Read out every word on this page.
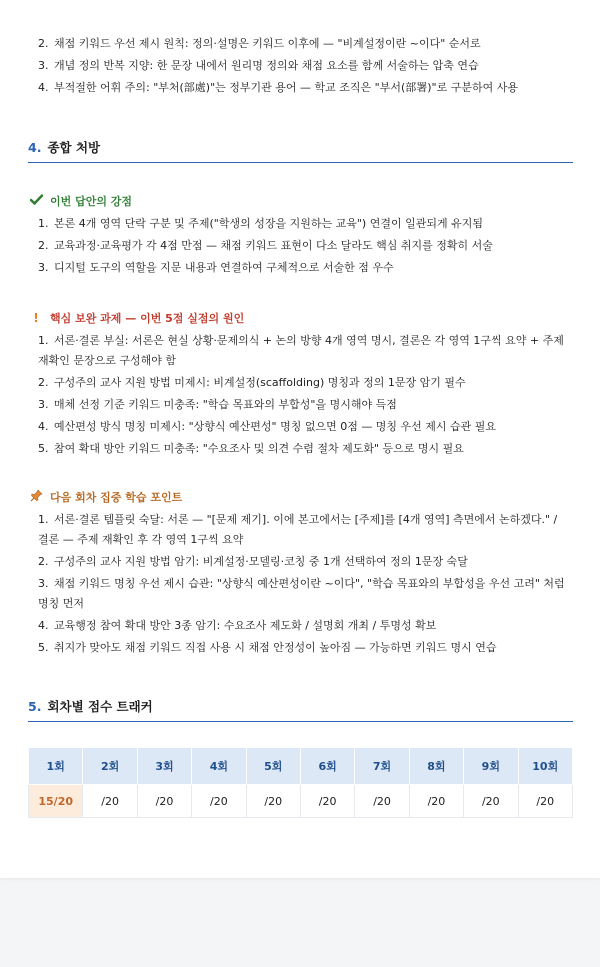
2. 채점 키워드 우선 제시 원칙: 정의·설명은 키워드 이후에 — "비계설정이란 ~이다" 순서로
3. 개념 정의 반복 지양: 한 문장 내에서 원리명 정의와 채점 요소를 함께 서술하는 압축 연습
4. 부적절한 어휘 주의: "부처(部處)"는 정부기관 용어 — 학교 조직은 "부서(部署)"로 구분하여 사용
4. 종합 처방
이번 답안의 강점
1. 본론 4개 영역 단락 구분 및 주제("학생의 성장을 지원하는 교육") 연결이 일관되게 유지됨
2. 교육과정·교육평가 각 4점 만점 — 채점 키워드 표현이 다소 달라도 핵심 취지를 정확히 서술
3. 디지털 도구의 역할을 지문 내용과 연결하여 구체적으로 서술한 점 우수
!	핵심 보완 과제 — 이번 5점 실점의 원인
1. 서론·결론 부실: 서론은 현실 상황·문제의식 + 논의 방향 4개 영역 명시, 결론은 각 영역 1구씩 요약 + 주제 재확인 문장으로 구성해야 함
2. 구성주의 교사 지원 방법 미제시: 비계설정(scaffolding) 명칭과 정의 1문장 암기 필수
3. 매체 선정 기준 키워드 미충족: "학습 목표와의 부합성"을 명시해야 득점
4. 예산편성 방식 명칭 미제시: "상향식 예산편성" 명칭 없으면 0점 — 명칭 우선 제시 습관 필요
5. 참여 확대 방안 키워드 미충족: "수요조사 및 의견 수렴 절차 제도화" 등으로 명시 필요
다음 회차 집중 학습 포인트
1. 서론·결론 템플릿 숙달: 서론 — "[문제 제기]. 이에 본고에서는 [주제]를 [4개 영역] 측면에서 논하겠다." / 결론 — 주제 재확인 후 각 영역 1구씩 요약
2. 구성주의 교사 지원 방법 암기: 비계설정·모델링·코칭 중 1개 선택하여 정의 1문장 숙달
3. 채점 키워드 명칭 우선 제시 습관: "상향식 예산편성이란 ~이다", "학습 목표와의 부합성을 우선 고려" 처럼 명칭 먼저
4. 교육행정 참여 확대 방안 3종 암기: 수요조사 제도화 / 설명회 개최 / 투명성 확보
5. 취지가 맞아도 채점 키워드 직접 사용 시 채점 안정성이 높아짐 — 가능하면 키워드 명시 연습
5. 회차별 점수 트래커
1회	2회	3회	4회	5회	6회	7회	8회	9회	10회
15/20	/20	/20	/20	/20	/20	/20	/20	/20	/20
